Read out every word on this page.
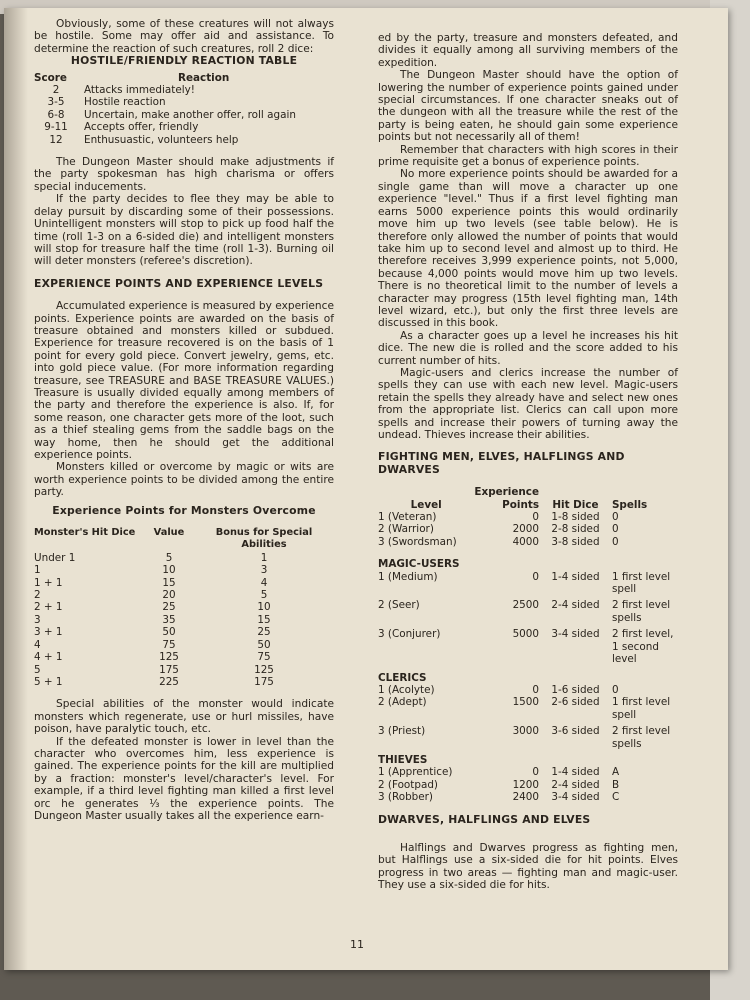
Obviously, some of these creatures will not always be hostile. Some may offer aid and assistance. To determine the reaction of such creatures, roll 2 dice:

HOSTILE/FRIENDLY REACTION TABLE
Score	Reaction
2	Attacks immediately!
3-5	Hostile reaction
6-8	Uncertain, make another offer, roll again
9-11	Accepts offer, friendly
12	Enthusuastic, volunteers help

The Dungeon Master should make adjustments if the party spokesman has high charisma or offers special inducements.

If the party decides to flee they may be able to delay pursuit by discarding some of their possessions. Unintelligent monsters will stop to pick up food half the time (roll 1-3 on a 6-sided die) and intelligent monsters will stop for treasure half the time (roll 1-3). Burning oil will deter monsters (referee's discretion).

EXPERIENCE POINTS AND EXPERIENCE LEVELS

Accumulated experience is measured by experience points. Experience points are awarded on the basis of treasure obtained and monsters killed or subdued. Experience for treasure recovered is on the basis of 1 point for every gold piece. Convert jewelry, gems, etc. into gold piece value. (For more information regarding treasure, see TREASURE and BASE TREASURE VALUES.) Treasure is usually divided equally among members of the party and therefore the experience is also. If, for some reason, one character gets more of the loot, such as a thief stealing gems from the saddle bags on the way home, then he should get the additional experience points.

Monsters killed or overcome by magic or wits are worth experience points to be divided among the entire party.

Experience Points for Monsters Overcome
Monster's Hit Dice	Value	Bonus for Special Abilities
Under 1	5	1
1	10	3
1 + 1	15	4
2	20	5
2 + 1	25	10
3	35	15
3 + 1	50	25
4	75	50
4 + 1	125	75
5	175	125
5 + 1	225	175

Special abilities of the monster would indicate monsters which regenerate, use or hurl missiles, have poison, have paralytic touch, etc.

If the defeated monster is lower in level than the character who overcomes him, less experience is gained. The experience points for the kill are multiplied by a fraction: monster's level/character's level. For example, if a third level fighting man killed a first level orc he generates ⅓ the experience points. The Dungeon Master usually takes all the experience earn-

ed by the party, treasure and monsters defeated, and divides it equally among all surviving members of the expedition.

The Dungeon Master should have the option of lowering the number of experience points gained under special circumstances. If one character sneaks out of the dungeon with all the treasure while the rest of the party is being eaten, he should gain some experience points but not necessarily all of them!

Remember that characters with high scores in their prime requisite get a bonus of experience points.

No more experience points should be awarded for a single game than will move a character up one experience "level." Thus if a first level fighting man earns 5000 experience points this would ordinarily move him up two levels (see table below). He is therefore only allowed the number of points that would take him up to second level and almost up to third. He therefore receives 3,999 experience points, not 5,000, because 4,000 points would move him up two levels. There is no theoretical limit to the number of levels a character may progress (15th level fighting man, 14th level wizard, etc.), but only the first three levels are discussed in this book.

As a character goes up a level he increases his hit dice. The new die is rolled and the score added to his current number of hits.

Magic-users and clerics increase the number of spells they can use with each new level. Magic-users retain the spells they already have and select new ones from the appropriate list. Clerics can call upon more spells and increase their powers of turning away the undead. Thieves increase their abilities.

FIGHTING MEN, ELVES, HALFLINGS AND DWARVES
Level	Experience Points	Hit Dice	Spells
1 (Veteran)	0	1-8 sided	0
2 (Warrior)	2000	2-8 sided	0
3 (Swordsman)	4000	3-8 sided	0

MAGIC-USERS			
1 (Medium)	0	1-4 sided	1 first level spell

2 (Seer)	2500	2-4 sided	2 first level spells

3 (Conjurer)	5000	3-4 sided	2 first level, 1 second level

CLERICS			
1 (Acolyte)	0	1-6 sided	0
2 (Adept)	1500	2-6 sided	1 first level spell

3 (Priest)	3000	3-6 sided	2 first level spells

THIEVES			
1 (Apprentice)	0	1-4 sided	A
2 (Footpad)	1200	2-4 sided	B
3 (Robber)	2400	3-4 sided	C
DWARVES, HALFLINGS AND ELVES

Halflings and Dwarves progress as fighting men, but Halflings use a six-sided die for hit points. Elves progress in two areas — fighting man and magic-user. They use a six-sided die for hits.

11
